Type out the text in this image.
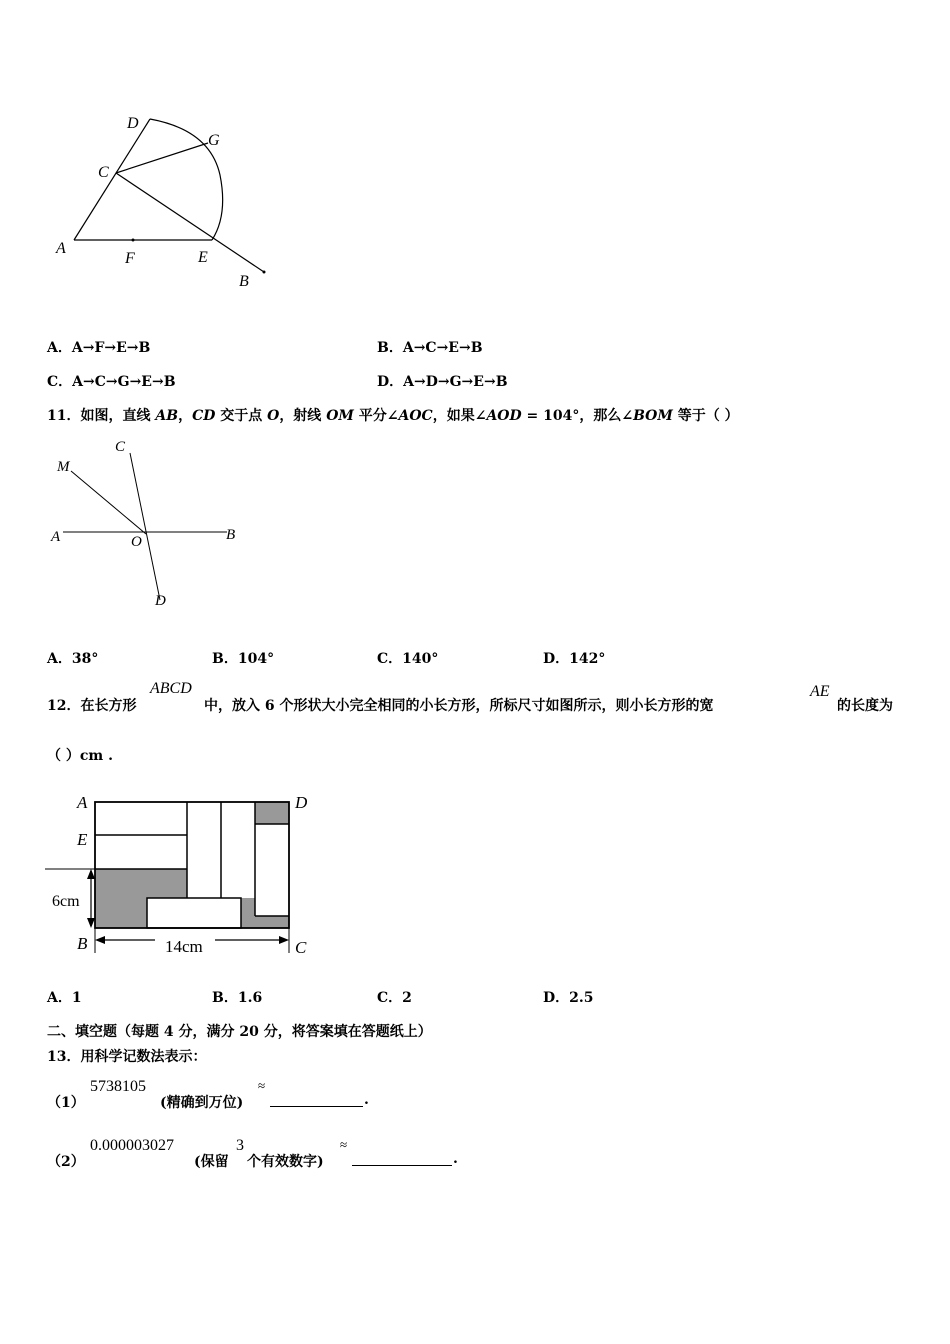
D
G
C
A
F	E
B
A．A→F→E→B	B．A→C→E→B
C．A→C→G→E→B	D．A→D→G→E→B
11．如图，直线 AB，CD 交于点 O，射线 OM 平分∠AOC，如果∠AOD = 104°，那么∠BOM 等于（ ）
M
C
A	O	B
D
A．38°	B．104°	C．140°	D．142°
12．在长方形
ABCD
中，放入 6 个形状大小完全相同的小长方形，所标尺寸如图所示，则小长方形的宽
AE
的长度为
（ ）cm .
A	D
E
6cm
B	14cm	C
A．1	B．1.6	C．2	D．2.5
二、填空题（每题 4 分，满分 20 分，将答案填在答题纸上）
13．用科学记数法表示：
（1）
5738105
(精确到万位)
≈
.
（2）
0.000003027
(保留
3
个有效数字)
≈
.
